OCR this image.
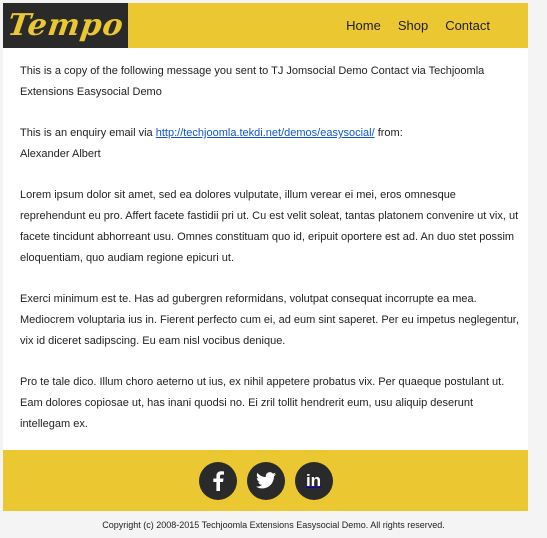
Tempo	Home Shop Contact

This is a copy of the following message you sent to TJ Jomsocial Demo Contact via Techjoomla Extensions Easysocial Demo

This is an enquiry email via http://techjoomla.tekdi.net/demos/easysocial/ from:
Alexander Albert

Lorem ipsum dolor sit amet, sed ea dolores vulputate, illum verear ei mei, eros omnesque reprehendunt eu pro. Affert facete fastidii pri ut. Cu est velit soleat, tantas platonem convenire ut vix, ut facete tincidunt abhorreant usu. Omnes constituam quo id, eripuit oportere est ad. An duo stet possim eloquentiam, quo audiam regione epicuri ut.

Exerci minimum est te. Has ad gubergren reformidans, volutpat consequat incorrupte ea mea. Mediocrem voluptaria ius in. Fierent perfecto cum ei, ad eum sint saperet. Per eu impetus neglegentur, vix id diceret sadipscing. Eu eam nisl vocibus denique.

Pro te tale dico. Illum choro aeterno ut ius, ex nihil appetere probatus vix. Per quaeque postulant ut. Eam dolores copiosae ut, has inani quodsi no. Ei zril tollit hendrerit eum, usu aliquip deserunt intellegam ex.

in
Copyright (c) 2008-2015 Techjoomla Extensions Easysocial Demo. All rights reserved.
